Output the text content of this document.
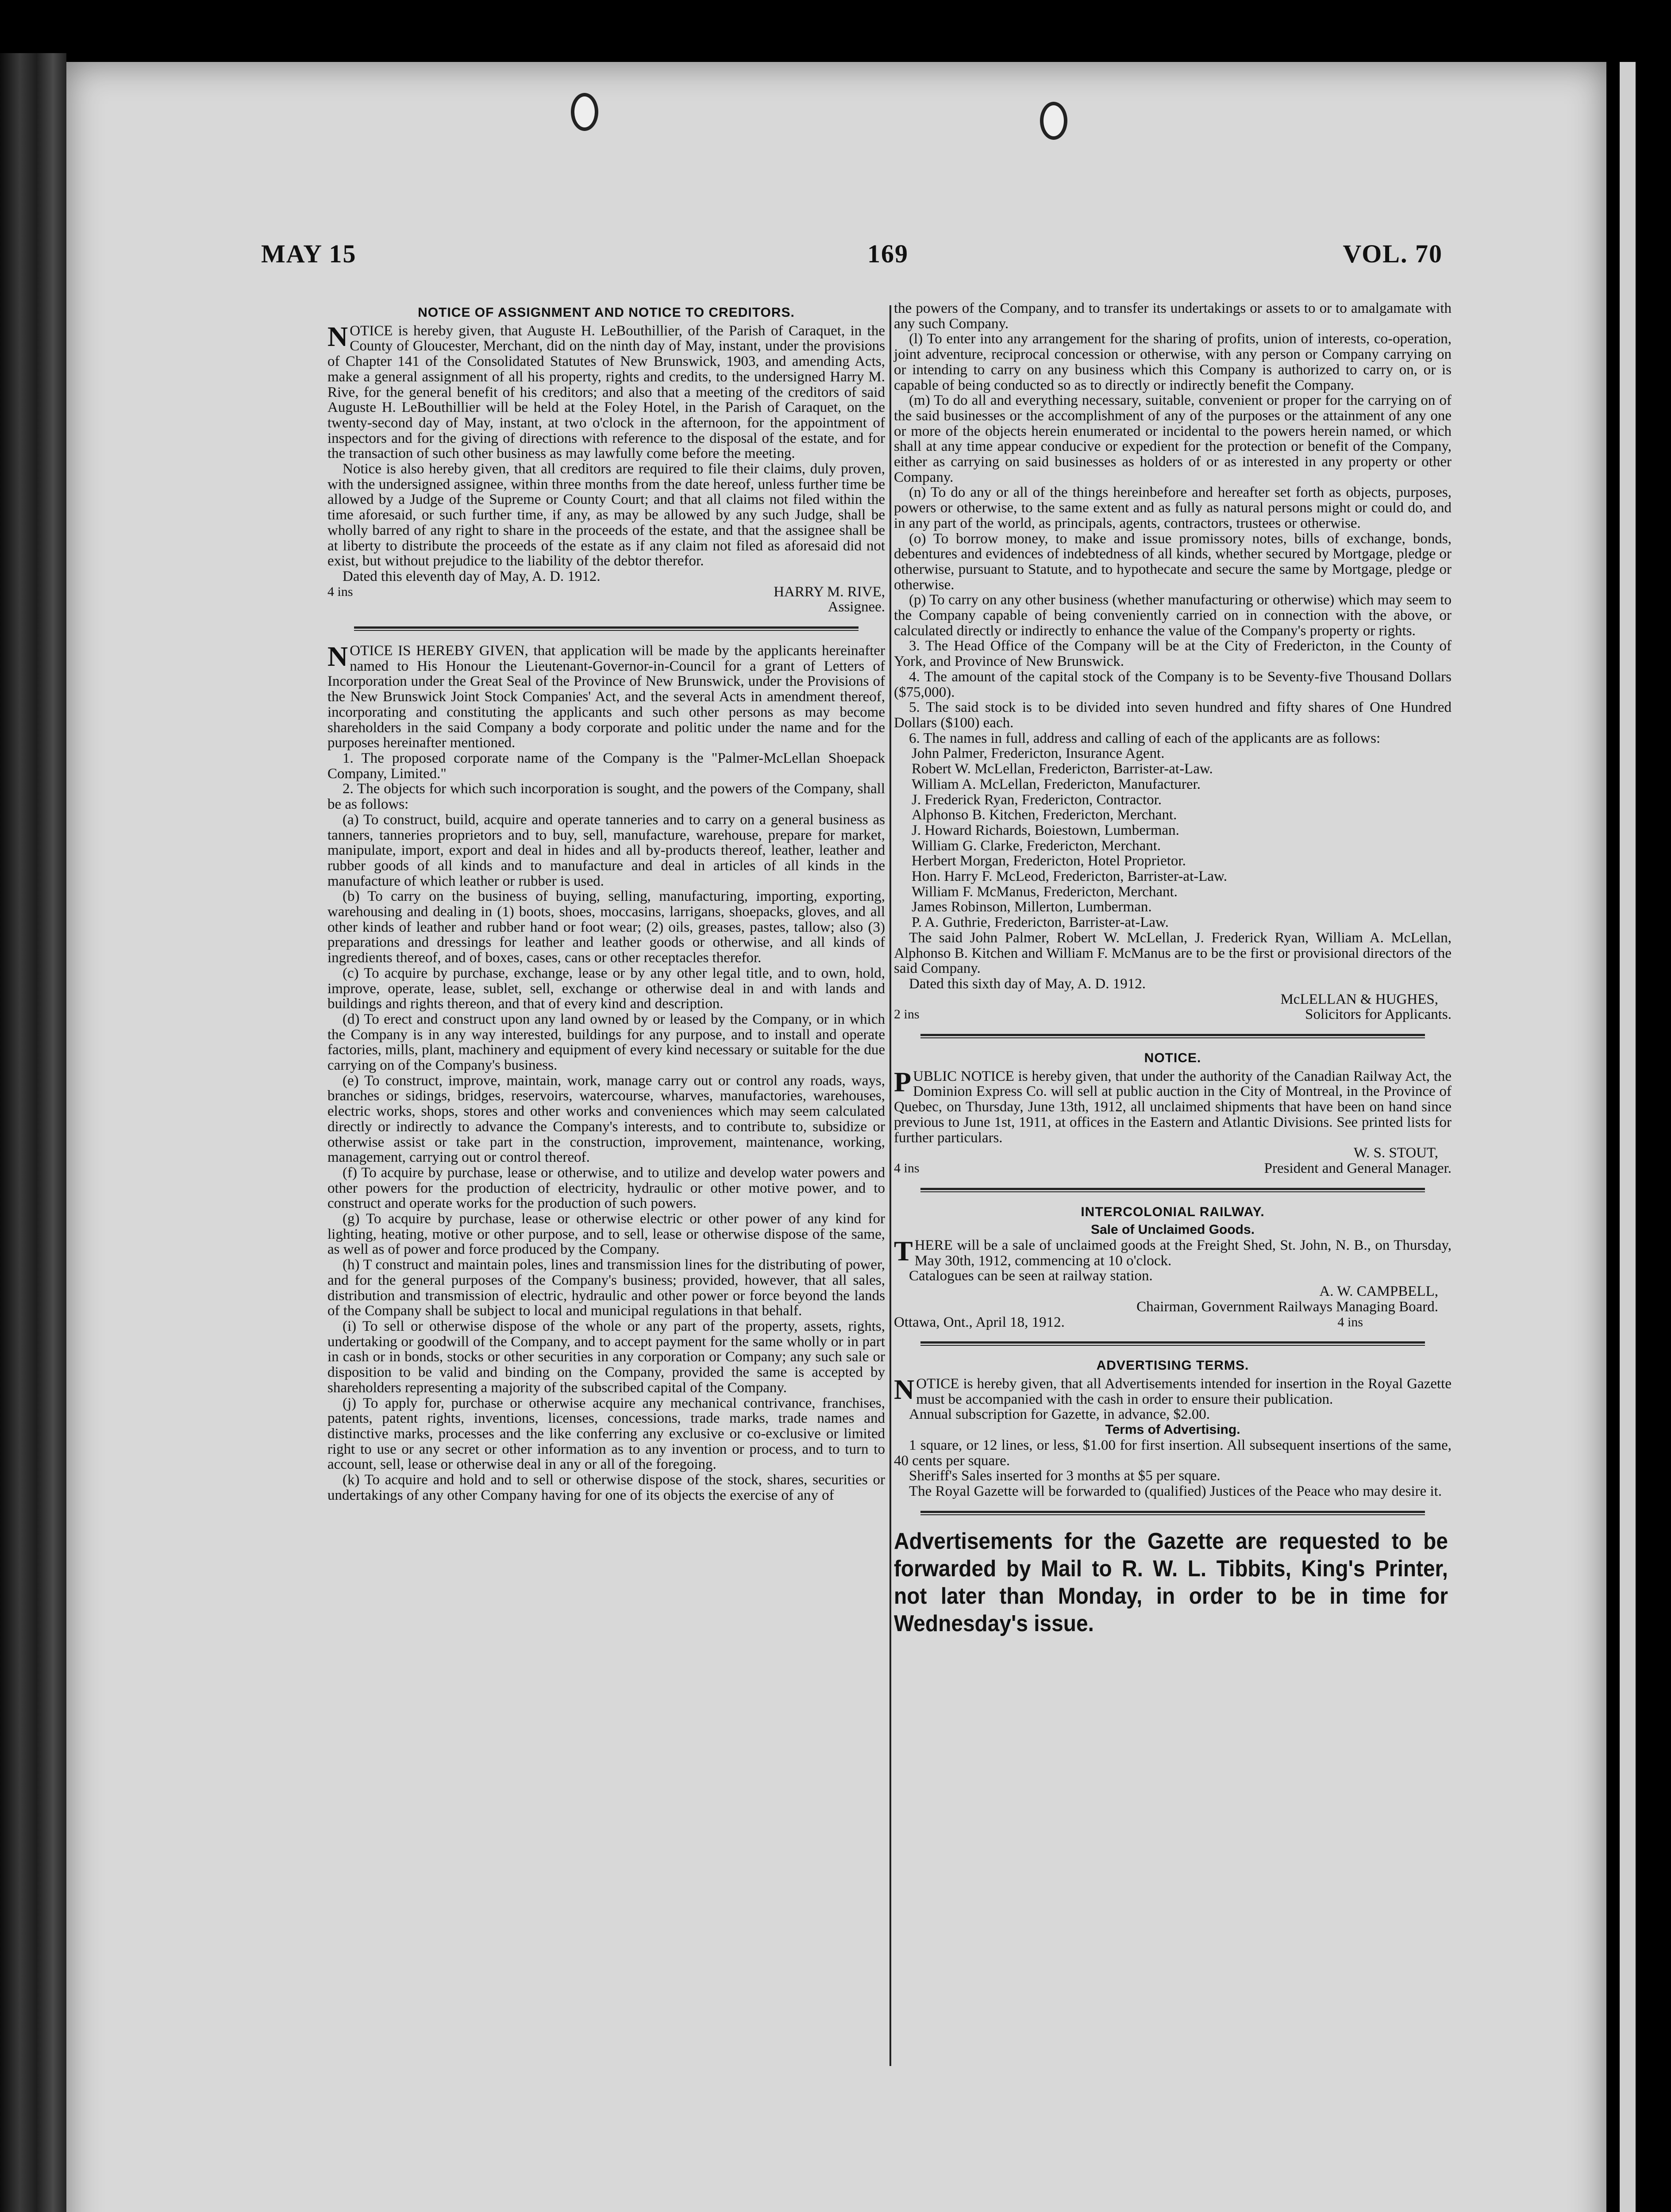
MAY 15	169	VOL. 70
NOTICE OF ASSIGNMENT AND NOTICE TO CREDITORS.

NOTICE is hereby given, that Auguste H. LeBouthillier, of the Parish of Caraquet, in the County of Gloucester, Merchant, did on the ninth day of May, instant, under the provisions of Chapter 141 of the Consolidated Statutes of New Brunswick, 1903, and amending Acts, make a general assignment of all his property, rights and credits, to the undersigned Harry M. Rive, for the general benefit of his creditors; and also that a meeting of the creditors of said Auguste H. LeBouthillier will be held at the Foley Hotel, in the Parish of Caraquet, on the twenty-second day of May, instant, at two o'clock in the afternoon, for the appointment of inspectors and for the giving of directions with reference to the disposal of the estate, and for the transaction of such other business as may lawfully come before the meeting.

Notice is also hereby given, that all creditors are required to file their claims, duly proven, with the undersigned assignee, within three months from the date hereof, unless further time be allowed by a Judge of the Supreme or County Court; and that all claims not filed within the time aforesaid, or such further time, if any, as may be allowed by any such Judge, shall be wholly barred of any right to share in the proceeds of the estate, and that the assignee shall be at liberty to distribute the proceeds of the estate as if any claim not filed as aforesaid did not exist, but without prejudice to the liability of the debtor therefor.

Dated this eleventh day of May, A. D. 1912.

4 ins	HARRY M. RIVE,

Assignee.

NOTICE IS HEREBY GIVEN, that application will be made by the applicants hereinafter named to His Honour the Lieutenant-Governor-in-Council for a grant of Letters of Incorporation under the Great Seal of the Province of New Brunswick, under the Provisions of the New Brunswick Joint Stock Companies' Act, and the several Acts in amendment thereof, incorporating and constituting the applicants and such other persons as may become shareholders in the said Company a body corporate and politic under the name and for the purposes hereinafter mentioned.

1. The proposed corporate name of the Company is the "Palmer-McLellan Shoepack Company, Limited."

2. The objects for which such incorporation is sought, and the powers of the Company, shall be as follows:

(a) To construct, build, acquire and operate tanneries and to carry on a general business as tanners, tanneries proprietors and to buy, sell, manufacture, warehouse, prepare for market, manipulate, import, export and deal in hides and all by-products thereof, leather, leather and rubber goods of all kinds and to manufacture and deal in articles of all kinds in the manufacture of which leather or rubber is used.

(b) To carry on the business of buying, selling, manufacturing, importing, exporting, warehousing and dealing in (1) boots, shoes, moccasins, larrigans, shoepacks, gloves, and all other kinds of leather and rubber hand or foot wear; (2) oils, greases, pastes, tallow; also (3) preparations and dressings for leather and leather goods or otherwise, and all kinds of ingredients thereof, and of boxes, cases, cans or other receptacles therefor.

(c) To acquire by purchase, exchange, lease or by any other legal title, and to own, hold, improve, operate, lease, sublet, sell, exchange or otherwise deal in and with lands and buildings and rights thereon, and that of every kind and description.

(d) To erect and construct upon any land owned by or leased by the Company, or in which the Company is in any way interested, buildings for any purpose, and to install and operate factories, mills, plant, machinery and equipment of every kind necessary or suitable for the due carrying on of the Company's business.

(e) To construct, improve, maintain, work, manage carry out or control any roads, ways, branches or sidings, bridges, reservoirs, watercourse, wharves, manufactories, warehouses, electric works, shops, stores and other works and conveniences which may seem calculated directly or indirectly to advance the Company's interests, and to contribute to, subsidize or otherwise assist or take part in the construction, improvement, maintenance, working, management, carrying out or control thereof.

(f) To acquire by purchase, lease or otherwise, and to utilize and develop water powers and other powers for the production of electricity, hydraulic or other motive power, and to construct and operate works for the production of such powers.

(g) To acquire by purchase, lease or otherwise electric or other power of any kind for lighting, heating, motive or other purpose, and to sell, lease or otherwise dispose of the same, as well as of power and force produced by the Company.

(h) T construct and maintain poles, lines and transmission lines for the distributing of power, and for the general purposes of the Company's business; provided, however, that all sales, distribution and transmission of electric, hydraulic and other power or force beyond the lands of the Company shall be subject to local and municipal regulations in that behalf.

(i) To sell or otherwise dispose of the whole or any part of the property, assets, rights, undertaking or goodwill of the Company, and to accept payment for the same wholly or in part in cash or in bonds, stocks or other securities in any corporation or Company; any such sale or disposition to be valid and binding on the Company, provided the same is accepted by shareholders representing a majority of the subscribed capital of the Company.

(j) To apply for, purchase or otherwise acquire any mechanical contrivance, franchises, patents, patent rights, inventions, licenses, concessions, trade marks, trade names and distinctive marks, processes and the like conferring any exclusive or co-exclusive or limited right to use or any secret or other information as to any invention or process, and to turn to account, sell, lease or otherwise deal in any or all of the foregoing.

(k) To acquire and hold and to sell or otherwise dispose of the stock, shares, securities or undertakings of any other Company having for one of its objects the exercise of any of

the powers of the Company, and to transfer its undertakings or assets to or to amalgamate with any such Company.

(l) To enter into any arrangement for the sharing of profits, union of interests, co-operation, joint adventure, reciprocal concession or otherwise, with any person or Company carrying on or intending to carry on any business which this Company is authorized to carry on, or is capable of being conducted so as to directly or indirectly benefit the Company.

(m) To do all and everything necessary, suitable, convenient or proper for the carrying on of the said businesses or the accomplishment of any of the purposes or the attainment of any one or more of the objects herein enumerated or incidental to the powers herein named, or which shall at any time appear conducive or expedient for the protection or benefit of the Company, either as carrying on said businesses as holders of or as interested in any property or other Company.

(n) To do any or all of the things hereinbefore and hereafter set forth as objects, purposes, powers or otherwise, to the same extent and as fully as natural persons might or could do, and in any part of the world, as principals, agents, contractors, trustees or otherwise.

(o) To borrow money, to make and issue promissory notes, bills of exchange, bonds, debentures and evidences of indebtedness of all kinds, whether secured by Mortgage, pledge or otherwise, pursuant to Statute, and to hypothecate and secure the same by Mortgage, pledge or otherwise.

(p) To carry on any other business (whether manufacturing or otherwise) which may seem to the Company capable of being conveniently carried on in connection with the above, or calculated directly or indirectly to enhance the value of the Company's property or rights.

3. The Head Office of the Company will be at the City of Fredericton, in the County of York, and Province of New Brunswick.

4. The amount of the capital stock of the Company is to be Seventy-five Thousand Dollars ($75,000).

5. The said stock is to be divided into seven hundred and fifty shares of One Hundred Dollars ($100) each.

6. The names in full, address and calling of each of the applicants are as follows:

John Palmer, Fredericton, Insurance Agent.

Robert W. McLellan, Fredericton, Barrister-at-Law.

William A. McLellan, Fredericton, Manufacturer.

J. Frederick Ryan, Fredericton, Contractor.

Alphonso B. Kitchen, Fredericton, Merchant.

J. Howard Richards, Boiestown, Lumberman.

William G. Clarke, Fredericton, Merchant.

Herbert Morgan, Fredericton, Hotel Proprietor.

Hon. Harry F. McLeod, Fredericton, Barrister-at-Law.

William F. McManus, Fredericton, Merchant.

James Robinson, Millerton, Lumberman.

P. A. Guthrie, Fredericton, Barrister-at-Law.

The said John Palmer, Robert W. McLellan, J. Frederick Ryan, William A. McLellan, Alphonso B. Kitchen and William F. McManus are to be the first or provisional directors of the said Company.

Dated this sixth day of May, A. D. 1912.

McLELLAN & HUGHES,

2 ins	Solicitors for Applicants.
NOTICE.

PUBLIC NOTICE is hereby given, that under the authority of the Canadian Railway Act, the Dominion Express Co. will sell at public auction in the City of Montreal, in the Province of Quebec, on Thursday, June 13th, 1912, all unclaimed shipments that have been on hand since previous to June 1st, 1911, at offices in the Eastern and Atlantic Divisions. See printed lists for further particulars.

W. S. STOUT,

4 ins	President and General Manager.
INTERCOLONIAL RAILWAY.
Sale of Unclaimed Goods.

THERE will be a sale of unclaimed goods at the Freight Shed, St. John, N. B., on Thursday, May 30th, 1912, commencing at 10 o'clock.

Catalogues can be seen at railway station.

A. W. CAMPBELL,

Chairman, Government Railways Managing Board.

Ottawa, Ont., April 18, 1912.	4 ins
ADVERTISING TERMS.

NOTICE is hereby given, that all Advertisements intended for insertion in the Royal Gazette must be accompanied with the cash in order to ensure their publication.

Annual subscription for Gazette, in advance, $2.00.

Terms of Advertising.

1 square, or 12 lines, or less, $1.00 for first insertion. All subsequent insertions of the same, 40 cents per square.

Sheriff's Sales inserted for 3 months at $5 per square.

The Royal Gazette will be forwarded to (qualified) Justices of the Peace who may desire it.

Advertisements for the Gazette are requested to be forwarded by Mail to R. W. L. Tibbits, King's Printer, not later than Monday, in order to be in time for Wednesday's issue.
